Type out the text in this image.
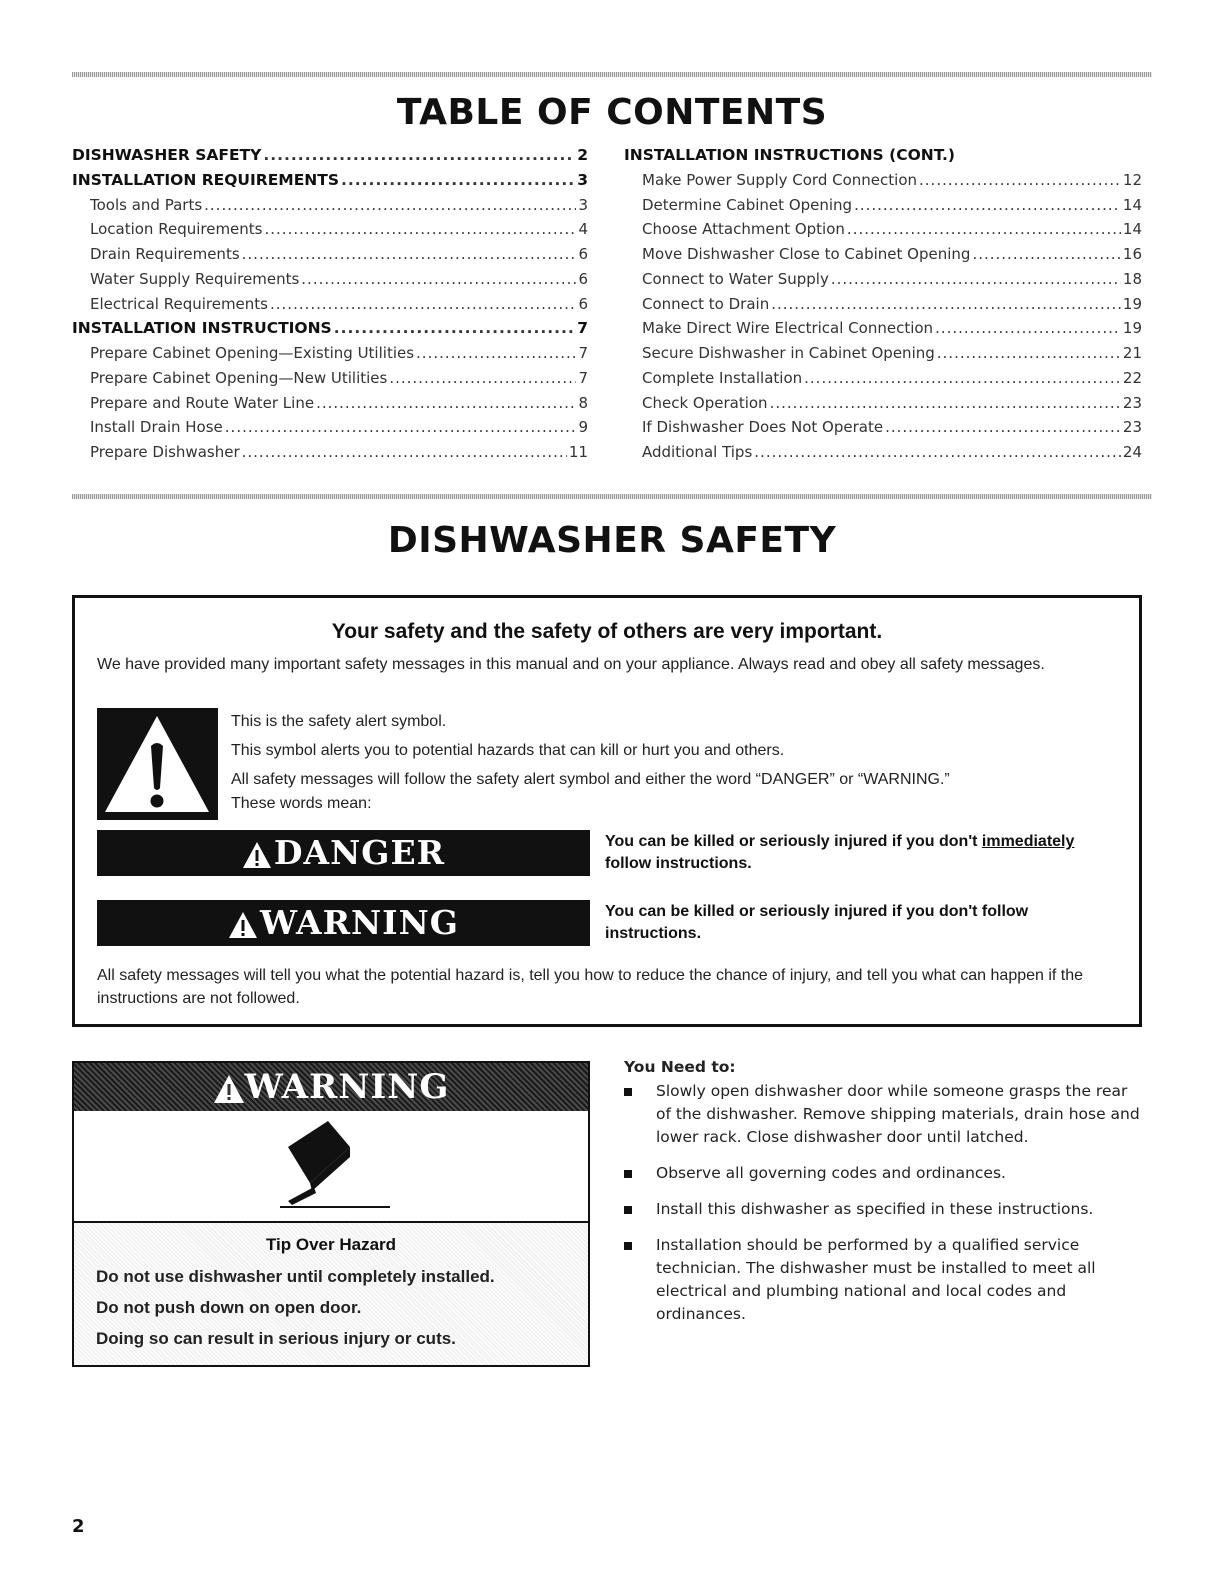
TABLE OF CONTENTS
DISHWASHER SAFETY .....	2
INSTALLATION REQUIREMENTS .....	3
Tools and Parts .....	3
Location Requirements .....	4
Drain Requirements .....	6
Water Supply Requirements .....	6
Electrical Requirements .....	6
INSTALLATION INSTRUCTIONS .....	7
Prepare Cabinet Opening—Existing Utilities .....	7
Prepare Cabinet Opening—New Utilities .....	7
Prepare and Route Water Line .....	8
Install Drain Hose .....	9
Prepare Dishwasher .....	11
INSTALLATION INSTRUCTIONS (CONT.)
Make Power Supply Cord Connection .....	12
Determine Cabinet Opening .....	14
Choose Attachment Option .....	14
Move Dishwasher Close to Cabinet Opening .....	16
Connect to Water Supply .....	18
Connect to Drain .....	19
Make Direct Wire Electrical Connection .....	19
Secure Dishwasher in Cabinet Opening .....	21
Complete Installation .....	22
Check Operation .....	23
If Dishwasher Does Not Operate .....	23
Additional Tips .....	24
DISHWASHER SAFETY
Your safety and the safety of others are very important.
We have provided many important safety messages in this manual and on your appliance. Always read and obey all safety messages.
This is the safety alert symbol.
This symbol alerts you to potential hazards that can kill or hurt you and others.
All safety messages will follow the safety alert symbol and either the word “DANGER” or “WARNING.”
These words mean:
DANGER	You can be killed or seriously injured if you don't immediately
follow instructions.
WARNING	You can be killed or seriously injured if you don't follow instructions.
All safety messages will tell you what the potential hazard is, tell you how to reduce the chance of injury, and tell you what can happen if the instructions are not followed.
WARNING
Tip Over Hazard
Do not use dishwasher until completely installed.
Do not push down on open door.
Doing so can result in serious injury or cuts.
You Need to:
Slowly open dishwasher door while someone grasps the rear of the dishwasher. Remove shipping materials, drain hose and lower rack. Close dishwasher door until latched.
Observe all governing codes and ordinances.
Install this dishwasher as specified in these instructions.
Installation should be performed by a qualified service technician. The dishwasher must be installed to meet all electrical and plumbing national and local codes and ordinances.
2
